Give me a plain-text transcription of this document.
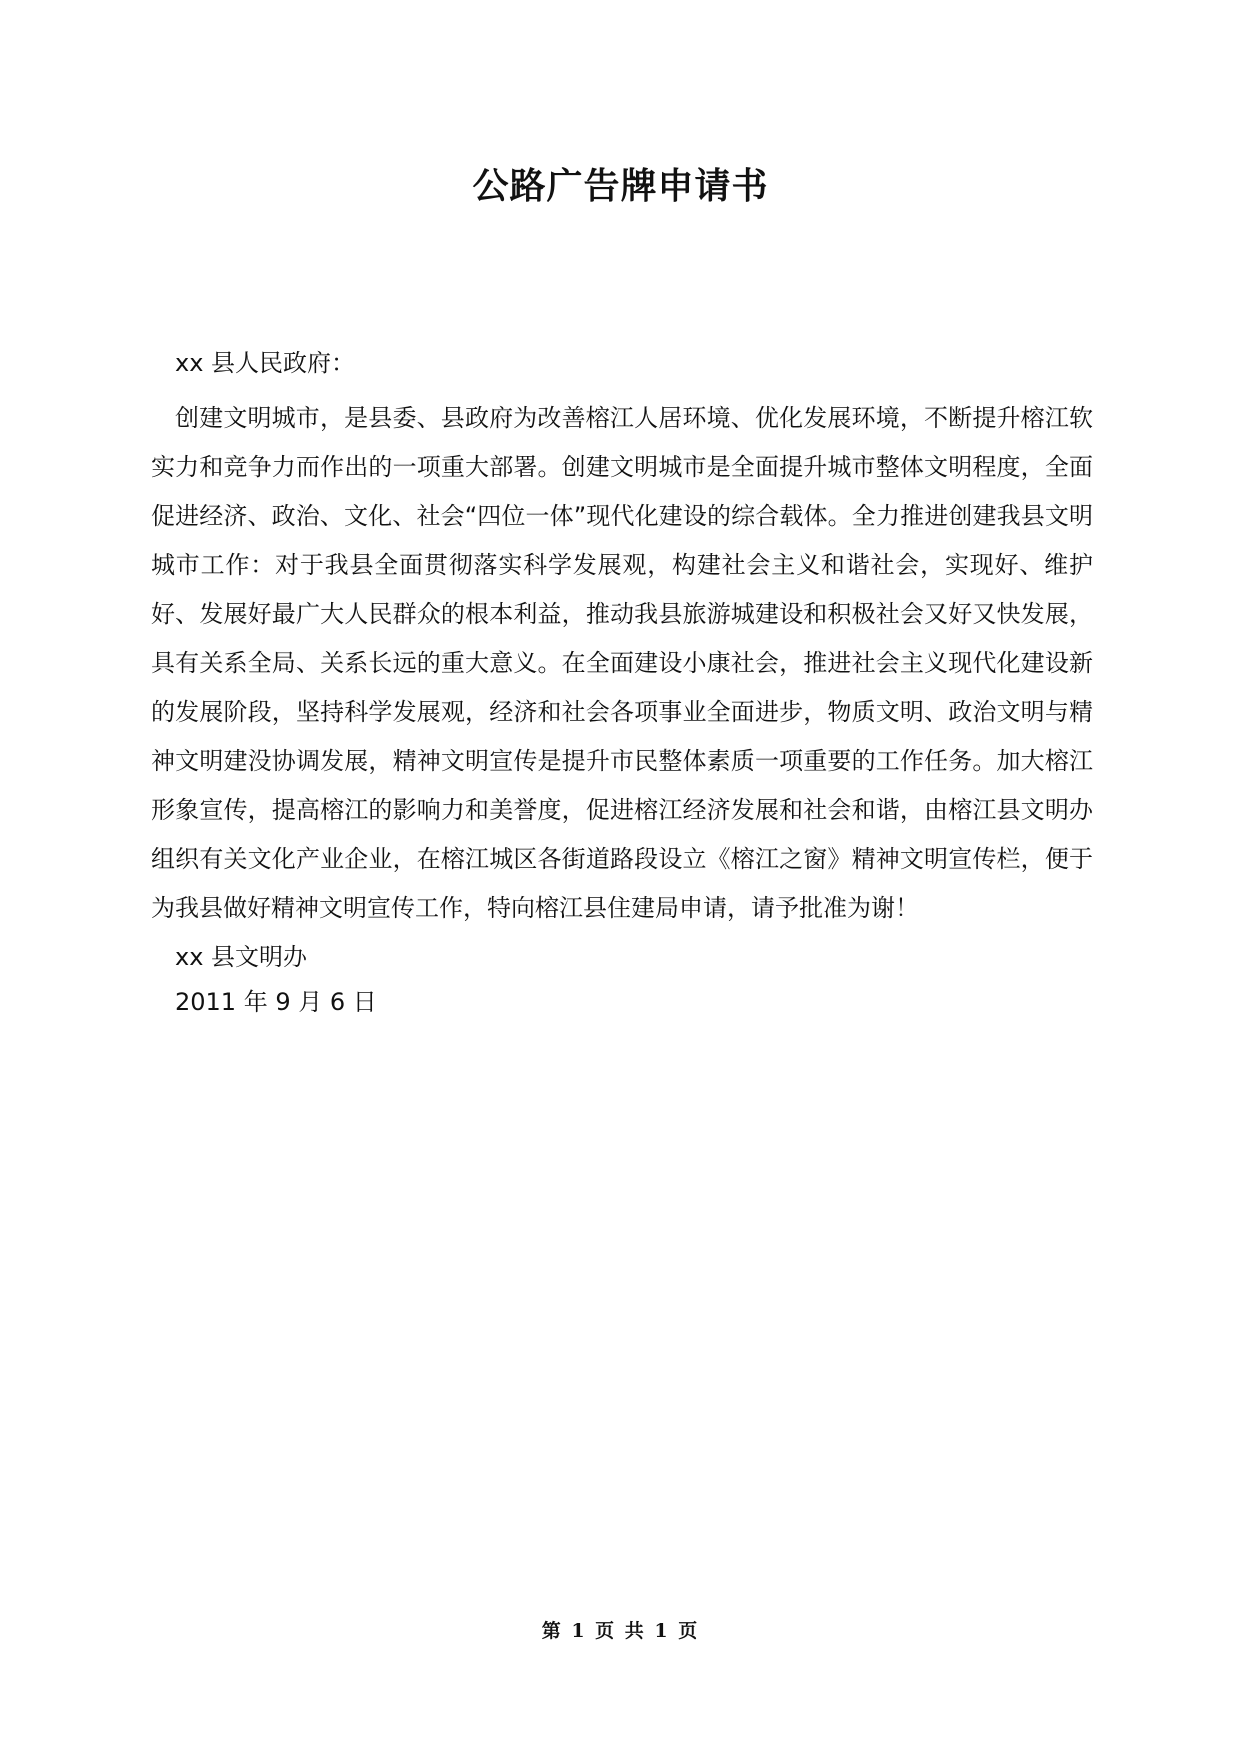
公路广告牌申请书

xx 县人民政府：

创建文明城市，是县委、县政府为改善榕江人居环境、优化发展环境，不断提升榕江软实力和竞争力而作出的一项重大部署。创建文明城市是全面提升城市整体文明程度，全面促进经济、政治、文化、社会“四位一体”现代化建设的综合载体。全力推进创建我县文明城市工作：对于我县全面贯彻落实科学发展观，构建社会主义和谐社会，实现好、维护好、发展好最广大人民群众的根本利益，推动我县旅游城建设和积极社会又好又快发展，具有关系全局、关系长远的重大意义。在全面建设小康社会，推进社会主义现代化建设新的发展阶段，坚持科学发展观，经济和社会各项事业全面进步，物质文明、政治文明与精神文明建没协调发展，精神文明宣传是提升市民整体素质一项重要的工作任务。加大榕江形象宣传，提高榕江的影响力和美誉度，促进榕江经济发展和社会和谐，由榕江县文明办组织有关文化产业企业，在榕江城区各街道路段设立《榕江之窗》精神文明宣传栏，便于为我县做好精神文明宣传工作，特向榕江县住建局申请，请予批准为谢！

xx 县文明办

2011 年 9 月 6 日

第 1 页 共 1 页
